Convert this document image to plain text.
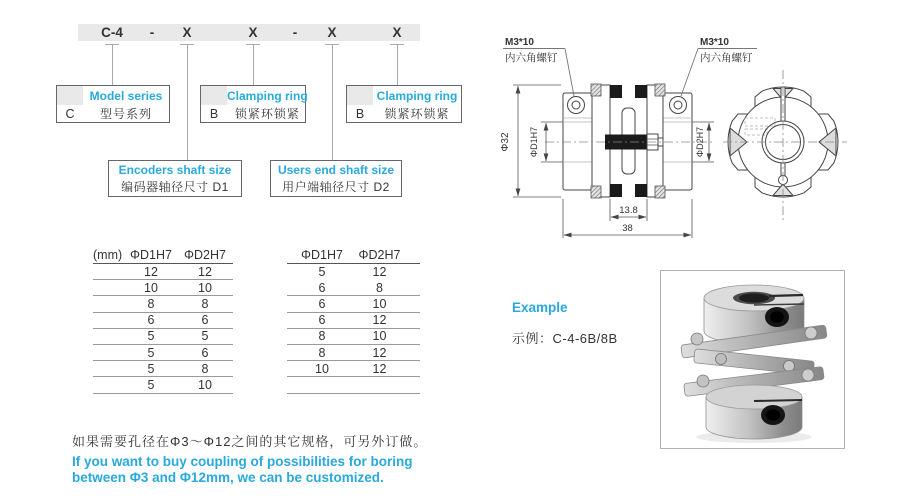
C-4 - X	X	- X	X
Model series
C	型号系列
Clamping ring
B	锁紧环锁紧
Clamping ring
B	锁紧环锁紧
Encoders shaft size
编码器轴径尺寸 D1
Users end shaft size
用户端轴径尺寸 D2
(mm) ΦD1H7 ΦD2H7
12	12
10	10
8	8
6	6
5	5
5	6
5	8
5	10
ΦD1H7	ΦD2H7
5	12
6	8
6	10
6	12
8	10
8	12
10	12
如果需要孔径在Φ3～Φ12之间的其它规格，可另外订做。
If you want to buy coupling of possibilities for boring
between Φ3 and Φ12mm, we can be customized.
Example
示例：C-4-6B/8B
Φ32 ΦD1H7	ΦD2H7
13.8
38
M3*10
内六角螺钉
M3*10
内六角螺钉
